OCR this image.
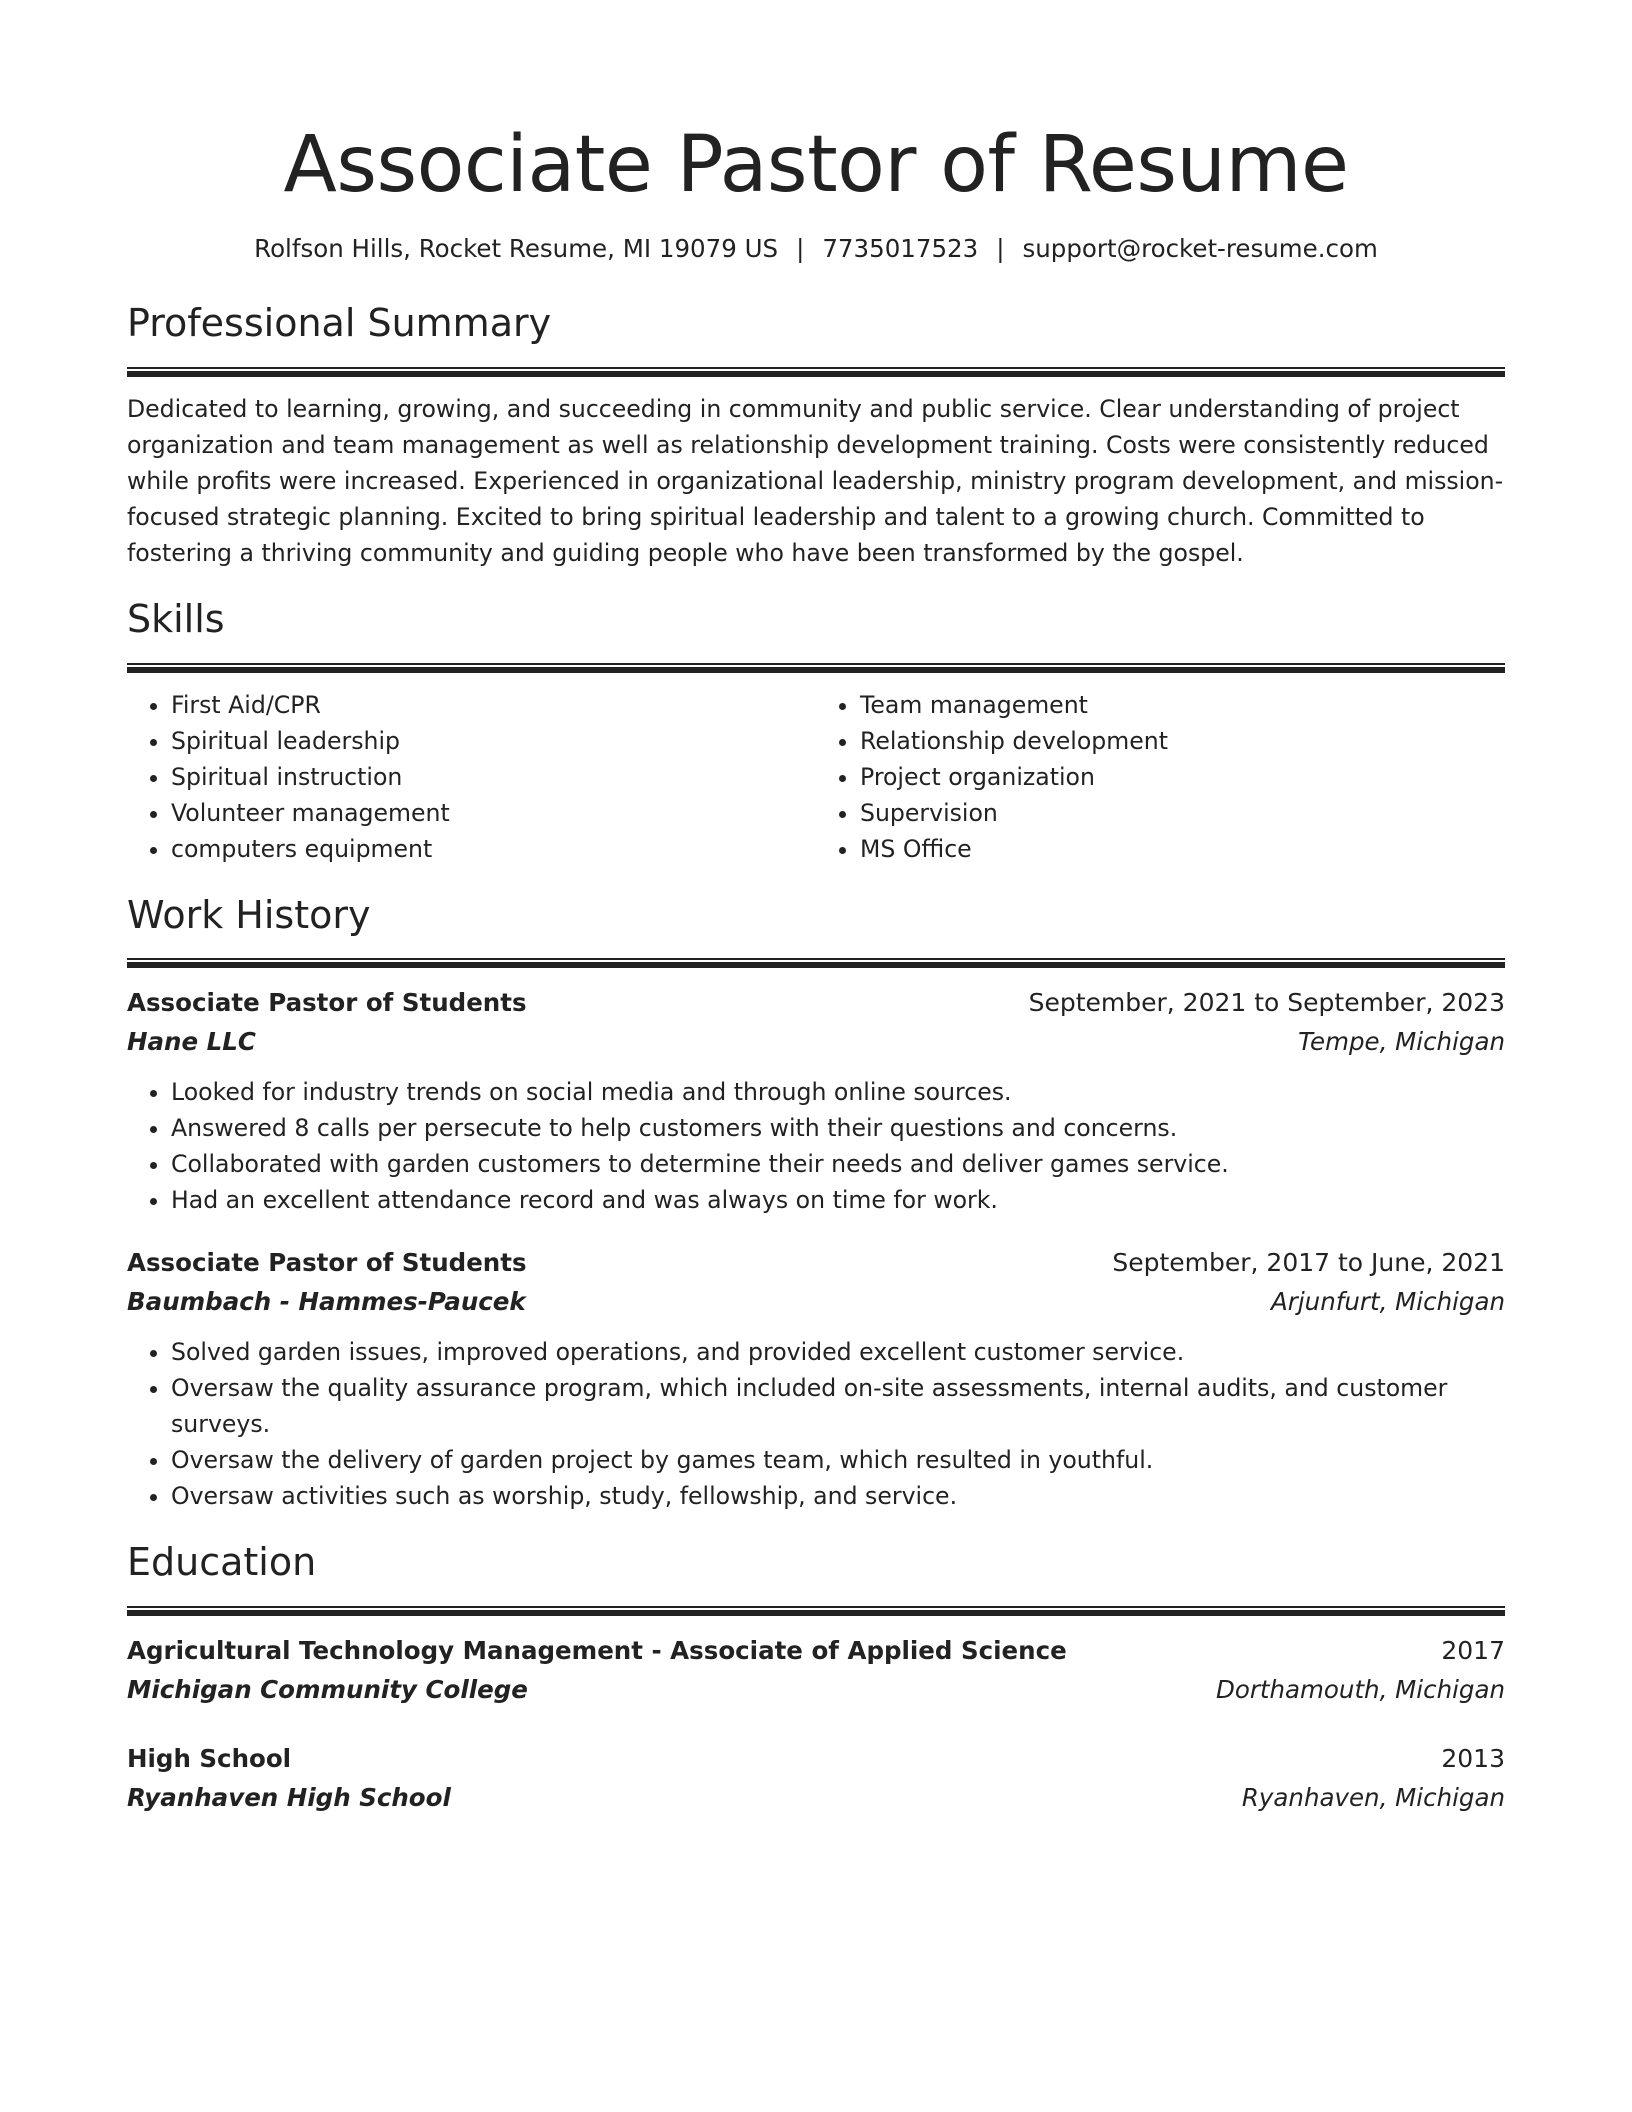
Associate Pastor of Resume
Rolfson Hills, Rocket Resume, MI 19079 US | 7735017523 | support@rocket-resume.com
Professional Summary
Dedicated to learning, growing, and succeeding in community and public service. Clear understanding of project organization and team management as well as relationship development training. Costs were consistently reduced while profits were increased. Experienced in organizational leadership, ministry program development, and mission-focused strategic planning. Excited to bring spiritual leadership and talent to a growing church. Committed to fostering a thriving community and guiding people who have been transformed by the gospel.
Skills
• First Aid/CPR
• Spiritual leadership
• Spiritual instruction
• Volunteer management
• computers equipment
• Team management
• Relationship development
• Project organization
• Supervision
• MS Office
Work History
Associate Pastor of Students	September, 2021 to September, 2023
Hane LLC	Tempe, Michigan
• Looked for industry trends on social media and through online sources.
• Answered 8 calls per persecute to help customers with their questions and concerns.
• Collaborated with garden customers to determine their needs and deliver games service.
• Had an excellent attendance record and was always on time for work.
Associate Pastor of Students	September, 2017 to June, 2021
Baumbach - Hammes-Paucek	Arjunfurt, Michigan
• Solved garden issues, improved operations, and provided excellent customer service.
• Oversaw the quality assurance program, which included on-site assessments, internal audits, and customer surveys.
• Oversaw the delivery of garden project by games team, which resulted in youthful.
• Oversaw activities such as worship, study, fellowship, and service.
Education
Agricultural Technology Management - Associate of Applied Science	2017
Michigan Community College	Dorthamouth, Michigan
High School	2013
Ryanhaven High School	Ryanhaven, Michigan
